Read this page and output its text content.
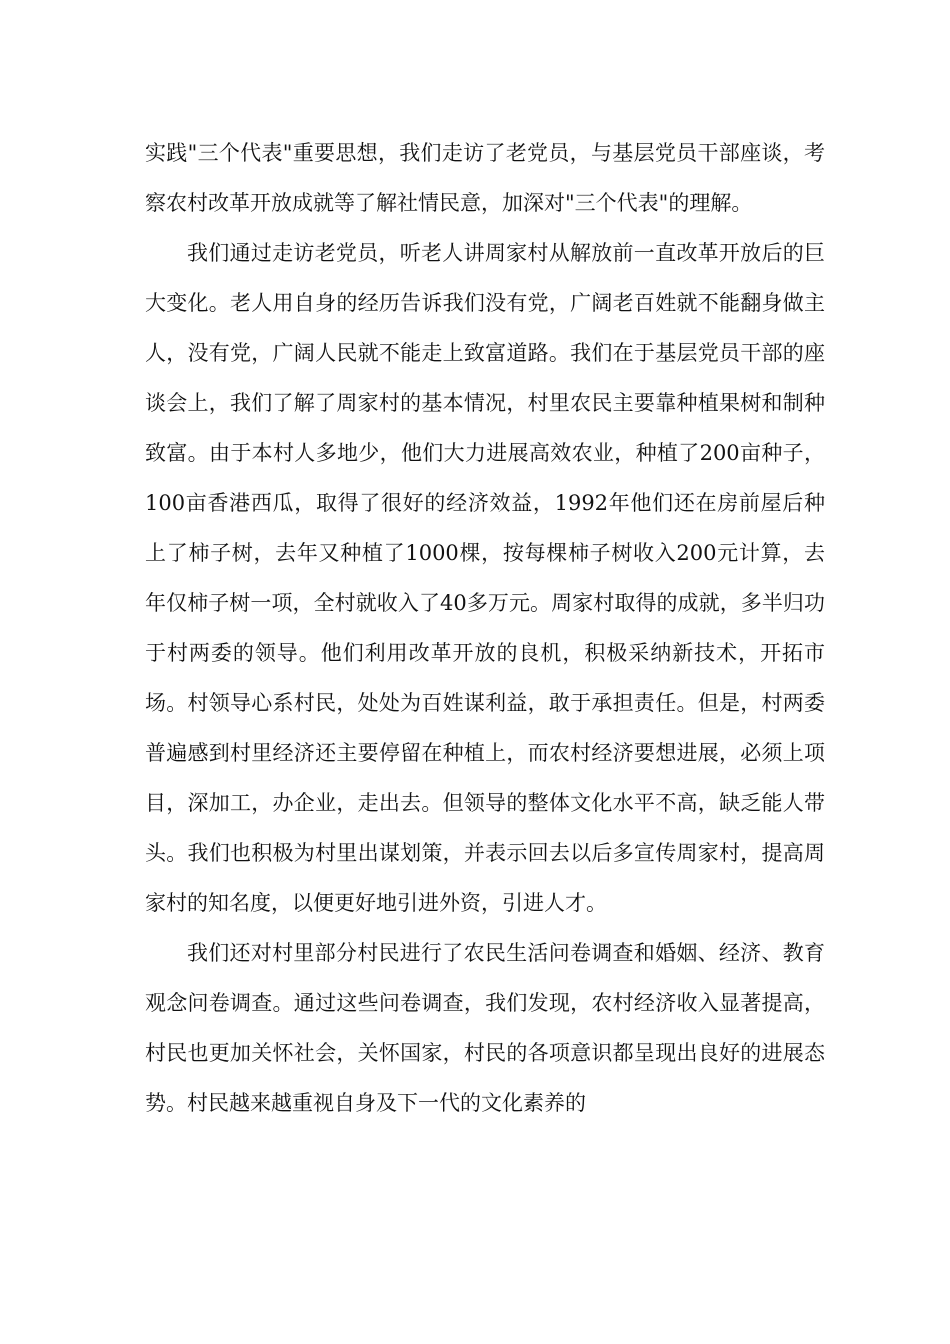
实践"三个代表"重要思想，我们走访了老党员，与基层党员干部座谈，考察农村改革开放成就等了解社情民意，加深对"三个代表"的理解。

我们通过走访老党员，听老人讲周家村从解放前一直改革开放后的巨大变化。老人用自身的经历告诉我们没有党，广阔老百姓就不能翻身做主人，没有党，广阔人民就不能走上致富道路。我们在于基层党员干部的座谈会上，我们了解了周家村的基本情况，村里农民主要靠种植果树和制种致富。由于本村人多地少，他们大力进展高效农业，种植了200亩种子，100亩香港西瓜，取得了很好的经济效益，1992年他们还在房前屋后种上了柿子树，去年又种植了1000棵，按每棵柿子树收入200元计算，去年仅柿子树一项，全村就收入了40多万元。周家村取得的成就，多半归功于村两委的领导。他们利用改革开放的良机，积极采纳新技术，开拓市场。村领导心系村民，处处为百姓谋利益，敢于承担责任。但是，村两委普遍感到村里经济还主要停留在种植上，而农村经济要想进展，必须上项目，深加工，办企业，走出去。但领导的整体文化水平不高，缺乏能人带头。我们也积极为村里出谋划策，并表示回去以后多宣传周家村，提高周家村的知名度，以便更好地引进外资，引进人才。

我们还对村里部分村民进行了农民生活问卷调查和婚姻、经济、教育观念问卷调查。通过这些问卷调查，我们发现，农村经济收入显著提高，村民也更加关怀社会，关怀国家，村民的各项意识都呈现出良好的进展态势。村民越来越重视自身及下一代的文化素养的
